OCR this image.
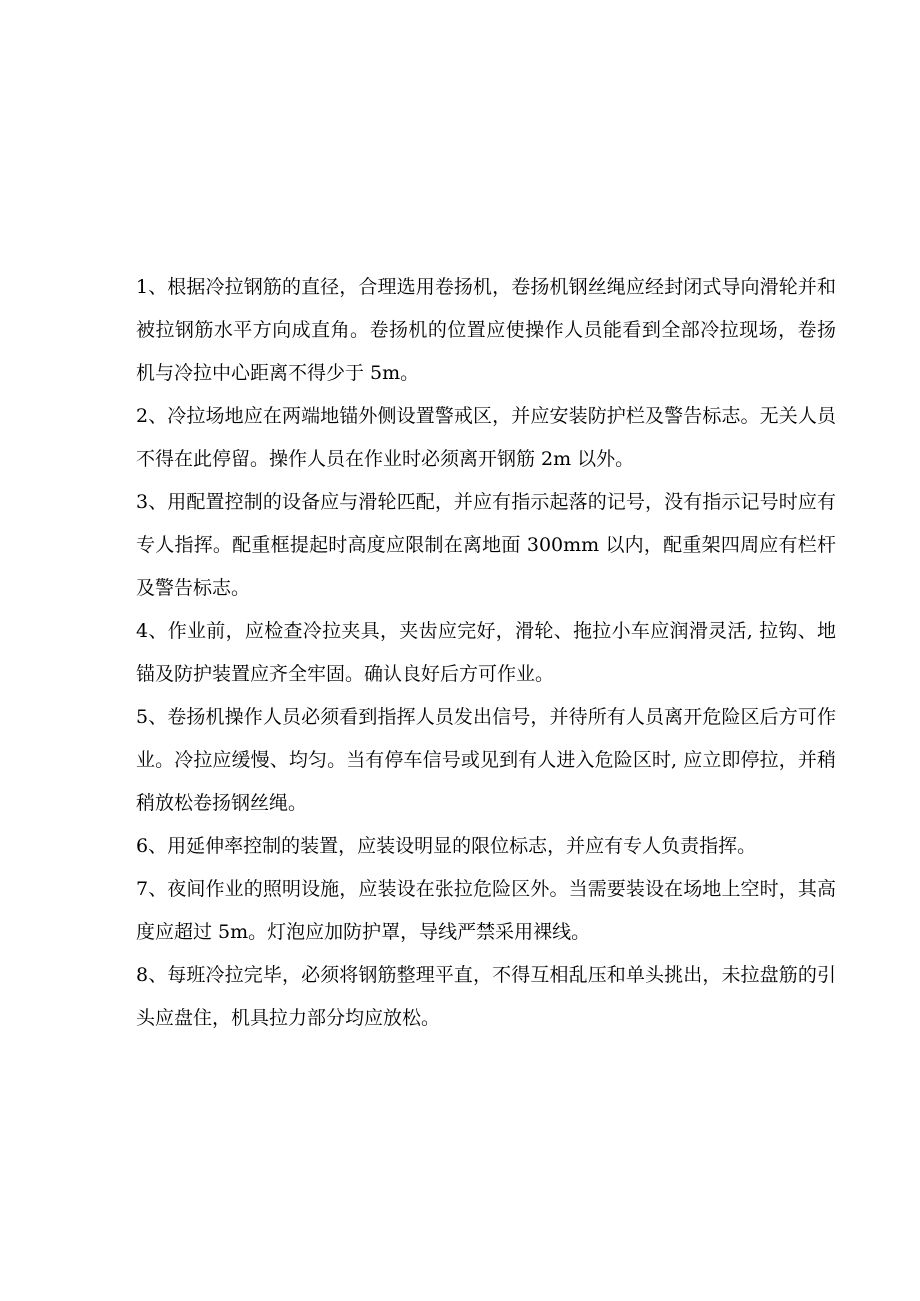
1、根据冷拉钢筋的直径，合理选用卷扬机，卷扬机钢丝绳应经封闭式导向滑轮并和被拉钢筋水平方向成直角。卷扬机的位置应使操作人员能看到全部冷拉现场，卷扬机与冷拉中心距离不得少于 5m。

2、冷拉场地应在两端地锚外侧设置警戒区，并应安装防护栏及警告标志。无关人员不得在此停留。操作人员在作业时必须离开钢筋 2m 以外。

3、用配置控制的设备应与滑轮匹配，并应有指示起落的记号，没有指示记号时应有专人指挥。配重框提起时高度应限制在离地面 300mm 以内，配重架四周应有栏杆及警告标志。

4、作业前，应检查冷拉夹具，夹齿应完好，滑轮、拖拉小车应润滑灵活, 拉钩、地锚及防护装置应齐全牢固。确认良好后方可作业。

5、卷扬机操作人员必须看到指挥人员发出信号，并待所有人员离开危险区后方可作业。冷拉应缓慢、均匀。当有停车信号或见到有人进入危险区时, 应立即停拉，并稍稍放松卷扬钢丝绳。

6、用延伸率控制的装置，应装设明显的限位标志，并应有专人负责指挥。

7、夜间作业的照明设施，应装设在张拉危险区外。当需要装设在场地上空时，其高度应超过 5m。灯泡应加防护罩，导线严禁采用裸线。

8、每班冷拉完毕，必须将钢筋整理平直，不得互相乱压和单头挑出，未拉盘筋的引头应盘住，机具拉力部分均应放松。
